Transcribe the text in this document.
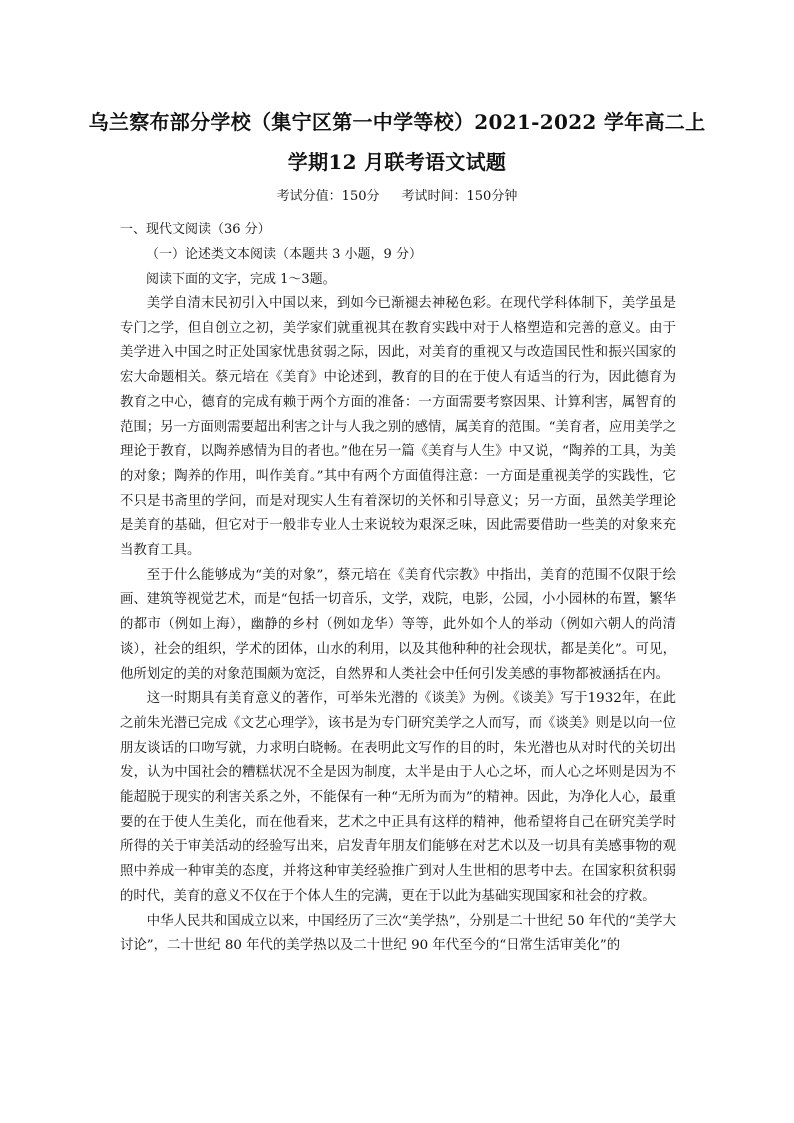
乌兰察布部分学校（集宁区第一中学等校）2021-2022 学年高二上
学期12 月联考语文试题
考试分值：150分 考试时间：150分钟
一、现代文阅读（36 分）
（一）论述类文本阅读（本题共 3 小题，9 分）
阅读下面的文字，完成 1～3题。

美学自清末民初引入中国以来，到如今已渐褪去神秘色彩。在现代学科体制下，美学虽是专门之学，但自创立之初，美学家们就重视其在教育实践中对于人格塑造和完善的意义。由于美学进入中国之时正处国家忧患贫弱之际，因此，对美育的重视又与改造国民性和振兴国家的宏大命题相关。蔡元培在《美育》中论述到，教育的目的在于使人有适当的行为，因此德育为教育之中心，德育的完成有赖于两个方面的准备：一方面需要考察因果、计算利害，属智育的范围；另一方面则需要超出利害之计与人我之别的感情，属美育的范围。“美育者，应用美学之理论于教育，以陶养感情为目的者也。”他在另一篇《美育与人生》中又说，“陶养的工具，为美的对象；陶养的作用，叫作美育。”其中有两个方面值得注意：一方面是重视美学的实践性，它不只是书斋里的学问，而是对现实人生有着深切的关怀和引导意义；另一方面，虽然美学理论是美育的基础，但它对于一般非专业人士来说较为艰深乏味，因此需要借助一些美的对象来充当教育工具。

至于什么能够成为“美的对象”，蔡元培在《美育代宗教》中指出，美育的范围不仅限于绘画、建筑等视觉艺术，而是“包括一切音乐，文学，戏院，电影，公园，小小园林的布置，繁华的都市（例如上海），幽静的乡村（例如龙华）等等，此外如个人的举动（例如六朝人的尚清谈），社会的组织，学术的团体，山水的利用，以及其他种种的社会现状，都是美化”。可见，他所划定的美的对象范围颇为宽泛，自然界和人类社会中任何引发美感的事物都被涵括在内。

这一时期具有美育意义的著作，可举朱光潜的《谈美》为例。《谈美》写于1932年，在此之前朱光潜已完成《文艺心理学》，该书是为专门研究美学之人而写，而《谈美》则是以向一位朋友谈话的口吻写就，力求明白晓畅。在表明此文写作的目的时，朱光潜也从对时代的关切出发，认为中国社会的糟糕状况不全是因为制度，太半是由于人心之坏，而人心之坏则是因为不能超脱于现实的利害关系之外，不能保有一种“无所为而为”的精神。因此，为净化人心，最重要的在于使人生美化，而在他看来，艺术之中正具有这样的精神，他希望将自己在研究美学时所得的关于审美活动的经验写出来，启发青年朋友们能够在对艺术以及一切具有美感事物的观照中养成一种审美的态度，并将这种审美经验推广到对人生世相的思考中去。在国家积贫积弱的时代，美育的意义不仅在于个体人生的完满，更在于以此为基础实现国家和社会的疗救。

中华人民共和国成立以来，中国经历了三次“美学热”，分别是二十世纪 50 年代的“美学大讨论”，二十世纪 80 年代的美学热以及二十世纪 90 年代至今的“日常生活审美化”的
